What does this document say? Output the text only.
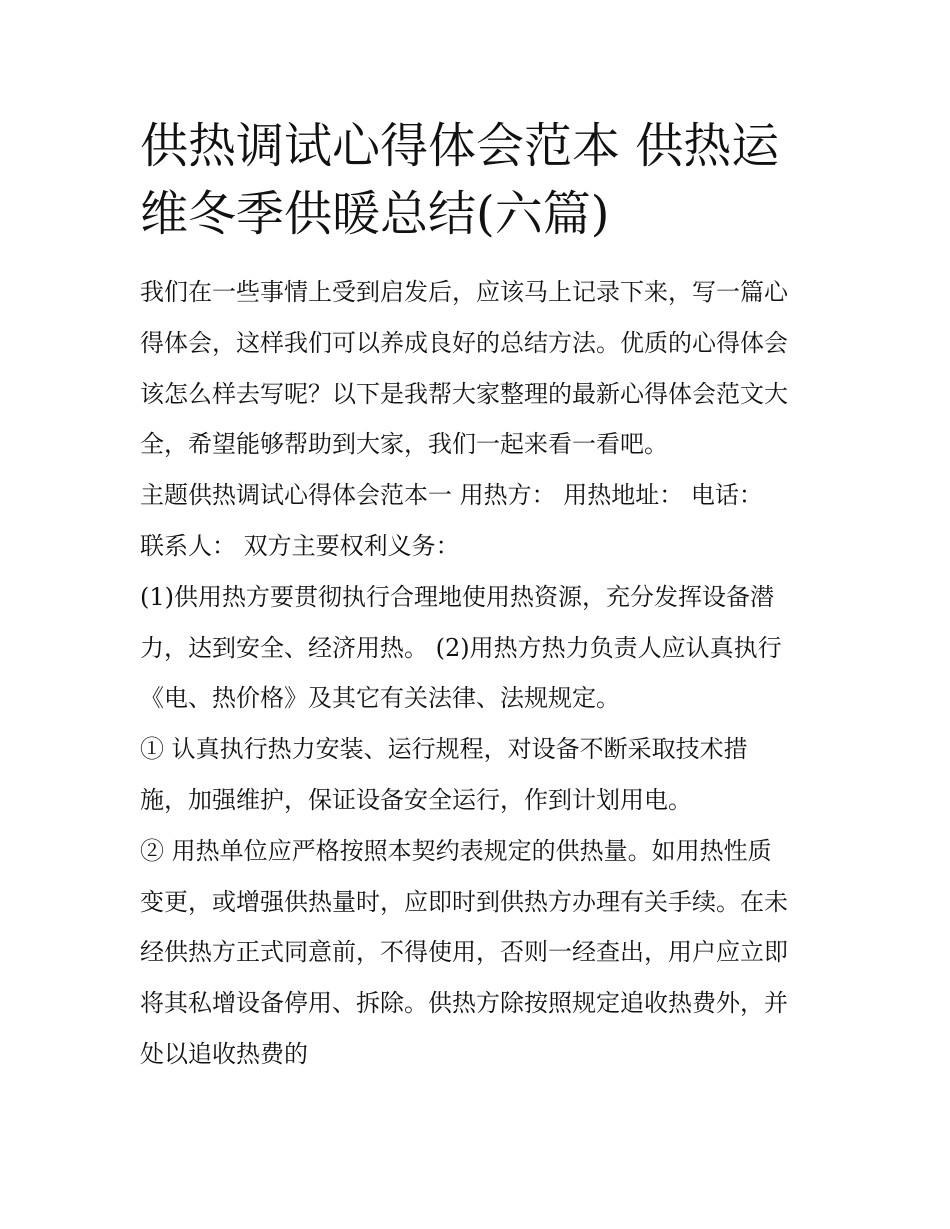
供热调试心得体会范本 供热运
维冬季供暖总结(六篇)

我们在一些事情上受到启发后，应该马上记录下来，写一篇心

得体会，这样我们可以养成良好的总结方法。优质的心得体会

该怎么样去写呢？以下是我帮大家整理的最新心得体会范文大

全，希望能够帮助到大家，我们一起来看一看吧。

主题供热调试心得体会范本一 用热方： 用热地址： 电话：

联系人： 双方主要权利义务：

(1)供用热方要贯彻执行合理地使用热资源，充分发挥设备潜

力，达到安全、经济用热。 (2)用热方热力负责人应认真执行

《电、热价格》及其它有关法律、法规规定。

① 认真执行热力安装、运行规程，对设备不断采取技术措

施，加强维护，保证设备安全运行，作到计划用电。

② 用热单位应严格按照本契约表规定的供热量。如用热性质

变更，或增强供热量时，应即时到供热方办理有关手续。在未

经供热方正式同意前，不得使用，否则一经查出，用户应立即

将其私增设备停用、拆除。供热方除按照规定追收热费外，并

处以追收热费的
